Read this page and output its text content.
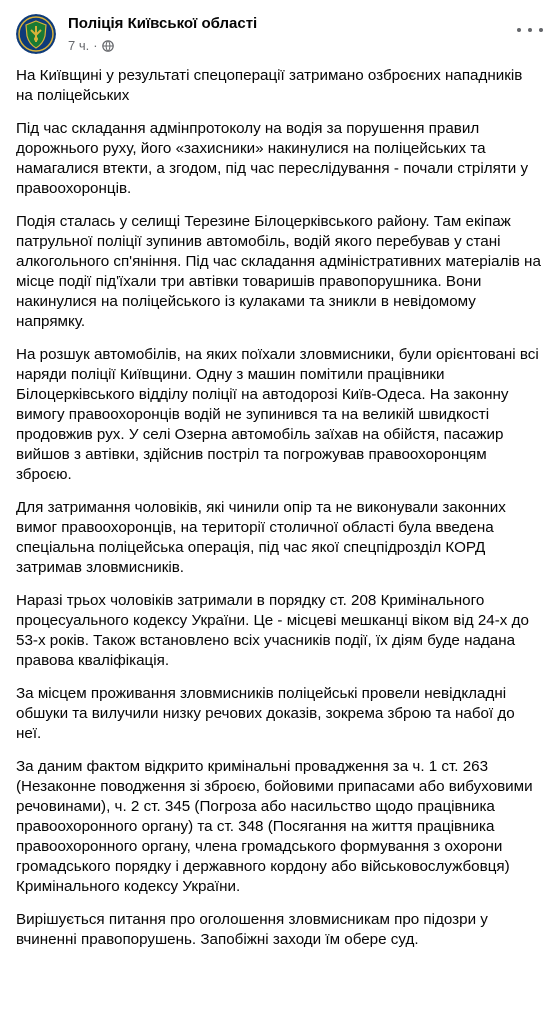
Поліція Київської області
7 ч. ·

На Київщині у результаті спецоперації затримано озброєних нападників на поліцейських

Під час складання адмінпротоколу на водія за порушення правил дорожнього руху, його «захисники» накинулися на поліцейських та намагалися втекти, а згодом, під час переслідування - почали стріляти у правоохоронців.

Подія сталась у селищі Терезине Білоцерківського району. Там екіпаж патрульної поліції зупинив автомобіль, водій якого перебував у стані алкогольного сп'яніння. Під час складання адміністративних матеріалів на місце події під'їхали три автівки товаришів правопорушника. Вони накинулися на поліцейського із кулаками та зникли в невідомому напрямку.

На розшук автомобілів, на яких поїхали зловмисники, були орієнтовані всі наряди поліції Київщини. Одну з машин помітили працівники Білоцерківського відділу поліції на автодорозі Київ-Одеса. На законну вимогу правоохоронців водій не зупинився та на великій швидкості продовжив рух. У селі Озерна автомобіль заїхав на обійстя, пасажир вийшов з автівки, здійснив постріл та погрожував правоохоронцям зброєю.

Для затримання чоловіків, які чинили опір та не виконували законних вимог правоохоронців, на території столичної області була введена спеціальна поліцейська операція, під час якої спецпідрозділ КОРД затримав зловмисників.

Наразі трьох чоловіків затримали в порядку ст. 208 Кримінального процесуального кодексу України. Це - місцеві мешканці віком від 24-х до 53-х років. Також встановлено всіх учасників події, їх діям буде надана правова кваліфікація.

За місцем проживання зловмисників поліцейські провели невідкладні обшуки та вилучили низку речових доказів, зокрема зброю та набої до неї.

За даним фактом відкрито кримінальні провадження за ч. 1 ст. 263 (Незаконне поводження зі зброєю, бойовими припасами або вибуховими речовинами), ч. 2 ст. 345 (Погроза або насильство щодо працівника правоохоронного органу) та ст. 348 (Посягання на життя працівника правоохоронного органу, члена громадського формування з охорони громадського порядку і державного кордону або військовослужбовця) Кримінального кодексу України.

Вирішується питання про оголошення зловмисникам про підозри у вчиненні правопорушень. Запобіжні заходи їм обере суд.
